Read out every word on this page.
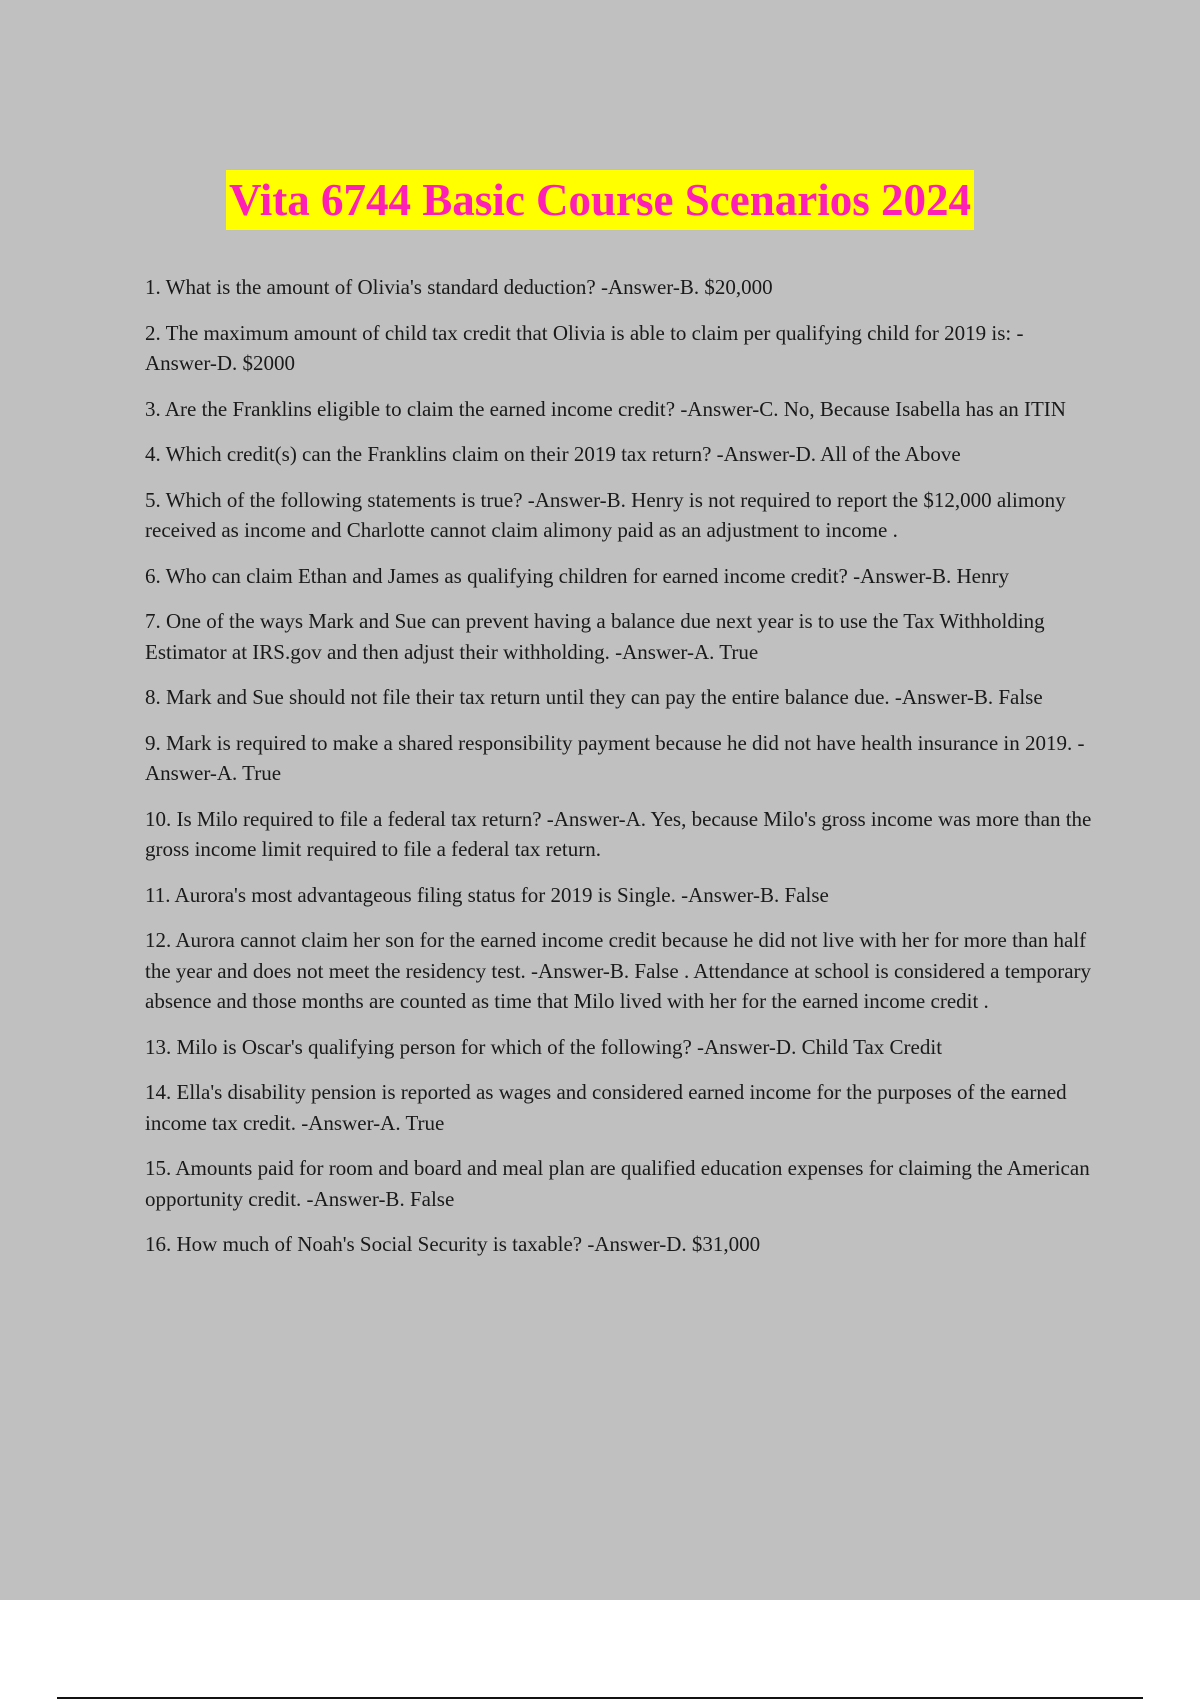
Vita 6744 Basic Course Scenarios 2024
1. What is the amount of Olivia's standard deduction? -Answer-B. $20,000
2. The maximum amount of child tax credit that Olivia is able to claim per qualifying child for 2019 is: -Answer-D. $2000
3. Are the Franklins eligible to claim the earned income credit? -Answer-C. No, Because Isabella has an ITIN
4. Which credit(s) can the Franklins claim on their 2019 tax return? -Answer-D. All of the Above
5. Which of the following statements is true? -Answer-B. Henry is not required to report the $12,000 alimony received as income and Charlotte cannot claim alimony paid as an adjustment to income .
6. Who can claim Ethan and James as qualifying children for earned income credit? -Answer-B. Henry
7. One of the ways Mark and Sue can prevent having a balance due next year is to use the Tax Withholding Estimator at IRS.gov and then adjust their withholding. -Answer-A. True
8. Mark and Sue should not file their tax return until they can pay the entire balance due. -Answer-B. False
9. Mark is required to make a shared responsibility payment because he did not have health insurance in 2019. -Answer-A. True
10. Is Milo required to file a federal tax return? -Answer-A. Yes, because Milo's gross income was more than the gross income limit required to file a federal tax return.
11. Aurora's most advantageous filing status for 2019 is Single. -Answer-B. False
12. Aurora cannot claim her son for the earned income credit because he did not live with her for more than half the year and does not meet the residency test. -Answer-B. False . Attendance at school is considered a temporary absence and those months are counted as time that Milo lived with her for the earned income credit .
13. Milo is Oscar's qualifying person for which of the following? -Answer-D. Child Tax Credit
14. Ella's disability pension is reported as wages and considered earned income for the purposes of the earned income tax credit. -Answer-A. True
15. Amounts paid for room and board and meal plan are qualified education expenses for claiming the American opportunity credit. -Answer-B. False
16. How much of Noah's Social Security is taxable? -Answer-D. $31,000
